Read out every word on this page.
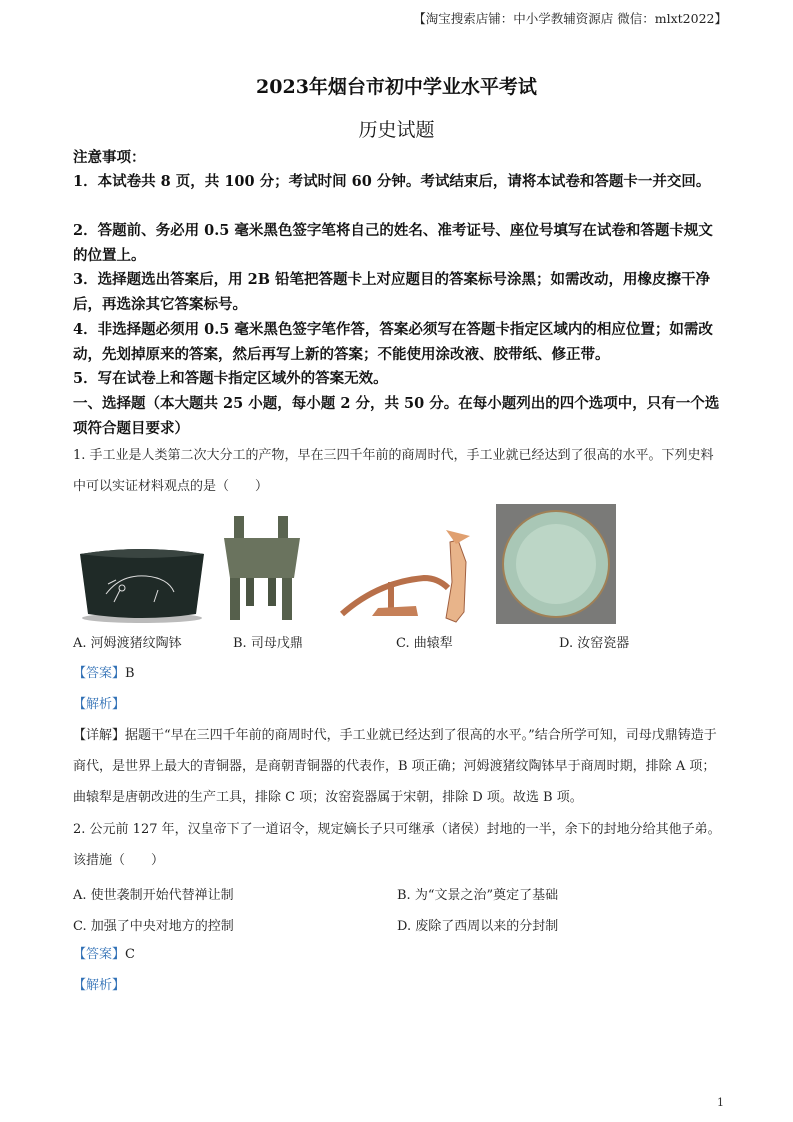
【淘宝搜索店铺：中小学教辅资源店 微信：mlxt2022】
2023年烟台市初中学业水平考试
历史试题
注意事项：
1．本试卷共 8 页，共 100 分；考试时间 60 分钟。考试结束后，请将本试卷和答题卡一并交回。
2．答题前、务必用 0.5 毫米黑色签字笔将自己的姓名、准考证号、座位号填写在试卷和答题卡规文的位置上。
3．选择题选出答案后，用 2B 铅笔把答题卡上对应题目的答案标号涂黑；如需改动，用橡皮擦干净后，再选涂其它答案标号。
4．非选择题必须用 0.5 毫米黑色签字笔作答，答案必须写在答题卡指定区域内的相应位置；如需改动，先划掉原来的答案，然后再写上新的答案；不能使用涂改液、胶带纸、修正带。
5．写在试卷上和答题卡指定区域外的答案无效。
一、选择题（本大题共 25 小题，每小题 2 分，共 50 分。在每小题列出的四个选项中，只有一个选项符合题目要求）
1. 手工业是人类第二次大分工的产物，早在三四千年前的商周时代，手工业就已经达到了很高的水平。下列史料中可以实证材料观点的是（　　）
A. 河姆渡猪纹陶钵	B. 司母戊鼎	C. 曲辕犁	D. 汝窑瓷器
【答案】B
【解析】
【详解】据题干“早在三四千年前的商周时代，手工业就已经达到了很高的水平。”结合所学可知，司母戊鼎铸造于商代，是世界上最大的青铜器，是商朝青铜器的代表作，B 项正确；河姆渡猪纹陶钵早于商周时期，排除 A 项；曲辕犁是唐朝改进的生产工具，排除 C 项；汝窑瓷器属于宋朝，排除 D 项。故选 B 项。
2. 公元前 127 年，汉皇帝下了一道诏令，规定嫡长子只可继承（诸侯）封地的一半，余下的封地分给其他子弟。该措施（　　）
A. 使世袭制开始代替禅让制	B. 为“文景之治”奠定了基础
C. 加强了中央对地方的控制	D. 废除了西周以来的分封制
【答案】C
【解析】
1
